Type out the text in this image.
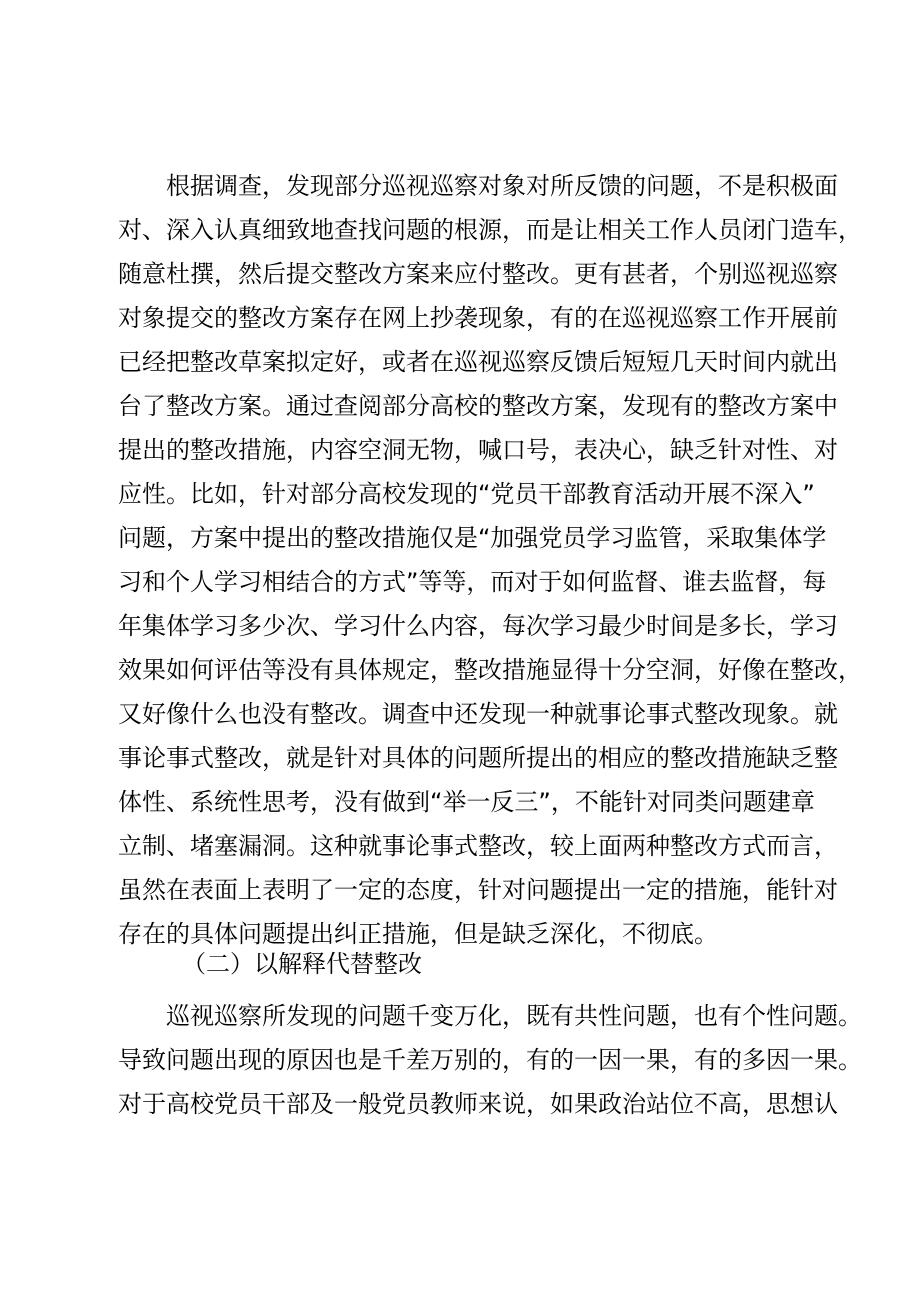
根据调查，发现部分巡视巡察对象对所反馈的问题，不是积极面
对、深入认真细致地查找问题的根源，而是让相关工作人员闭门造车，
随意杜撰，然后提交整改方案来应付整改。更有甚者，个别巡视巡察
对象提交的整改方案存在网上抄袭现象，有的在巡视巡察工作开展前
已经把整改草案拟定好，或者在巡视巡察反馈后短短几天时间内就出
台了整改方案。通过查阅部分高校的整改方案，发现有的整改方案中
提出的整改措施，内容空洞无物，喊口号，表决心，缺乏针对性、对
应性。比如，针对部分高校发现的“党员干部教育活动开展不深入”
问题，方案中提出的整改措施仅是“加强党员学习监管，采取集体学
习和个人学习相结合的方式”等等，而对于如何监督、谁去监督，每
年集体学习多少次、学习什么内容，每次学习最少时间是多长，学习
效果如何评估等没有具体规定，整改措施显得十分空洞，好像在整改，
又好像什么也没有整改。调查中还发现一种就事论事式整改现象。就
事论事式整改，就是针对具体的问题所提出的相应的整改措施缺乏整
体性、系统性思考，没有做到“举一反三”，不能针对同类问题建章
立制、堵塞漏洞。这种就事论事式整改，较上面两种整改方式而言，
虽然在表面上表明了一定的态度，针对问题提出一定的措施，能针对
存在的具体问题提出纠正措施，但是缺乏深化，不彻底。
（二）以解释代替整改
巡视巡察所发现的问题千变万化，既有共性问题，也有个性问题。
导致问题出现的原因也是千差万别的，有的一因一果，有的多因一果。
对于高校党员干部及一般党员教师来说，如果政治站位不高，思想认
